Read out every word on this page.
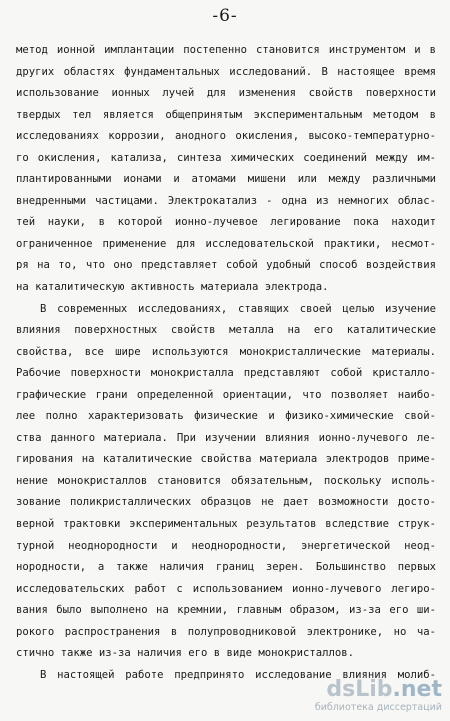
-6-
метод ионной имплантации постепенно становится инструментом и в
других областях фундаментальных исследований. В настоящее время
использование ионных лучей для изменения свойств поверхности
твердых тел является общепринятым экспериментальным методом в
исследованиях коррозии, анодного окисления, высоко-температурно-
го окисления, катализа, синтеза химических соединений между им-
плантированными ионами и атомами мишени или между различными
внедренными частицами. Электрокатализ - одна из немногих облас-
тей науки, в которой ионно-лучевое легирование пока находит
ограниченное применение для исследовательской практики, несмот-
ря на то, что оно представляет собой удобный способ воздействия
на каталитическую активность материала электрода.
В современных исследованиях, ставящих своей целью изучение
влияния поверхностных свойств металла на его каталитические
свойства, все шире используются монокристаллические материалы.
Рабочие поверхности монокристалла представляют собой кристалло-
графические грани определенной ориентации, что позволяет наибо-
лее полно характеризовать физические и физико-химические свой-
ства данного материала. При изучении влияния ионно-лучевого ле-
гирования на каталитические свойства материала электродов приме-
нение монокристаллов становится обязательным, поскольку исполь-
зование поликристаллических образцов не дает возможности досто-
верной трактовки экспериментальных результатов вследствие струк-
турной неоднородности и неоднородности, энергетической неод-
нородности, а также наличия границ зерен. Большинство первых
исследовательских работ с использованием ионно-лучевого легиро-
вания было выполнено на кремнии, главным образом, из-за его ши-
рокого распространения в полупроводниковой электронике, но ча-
стично также из-за наличия его в виде монокристаллов.
В настоящей работе предпринято исследование влияния молиб-
dsLib.net
библиотека диссертаций
